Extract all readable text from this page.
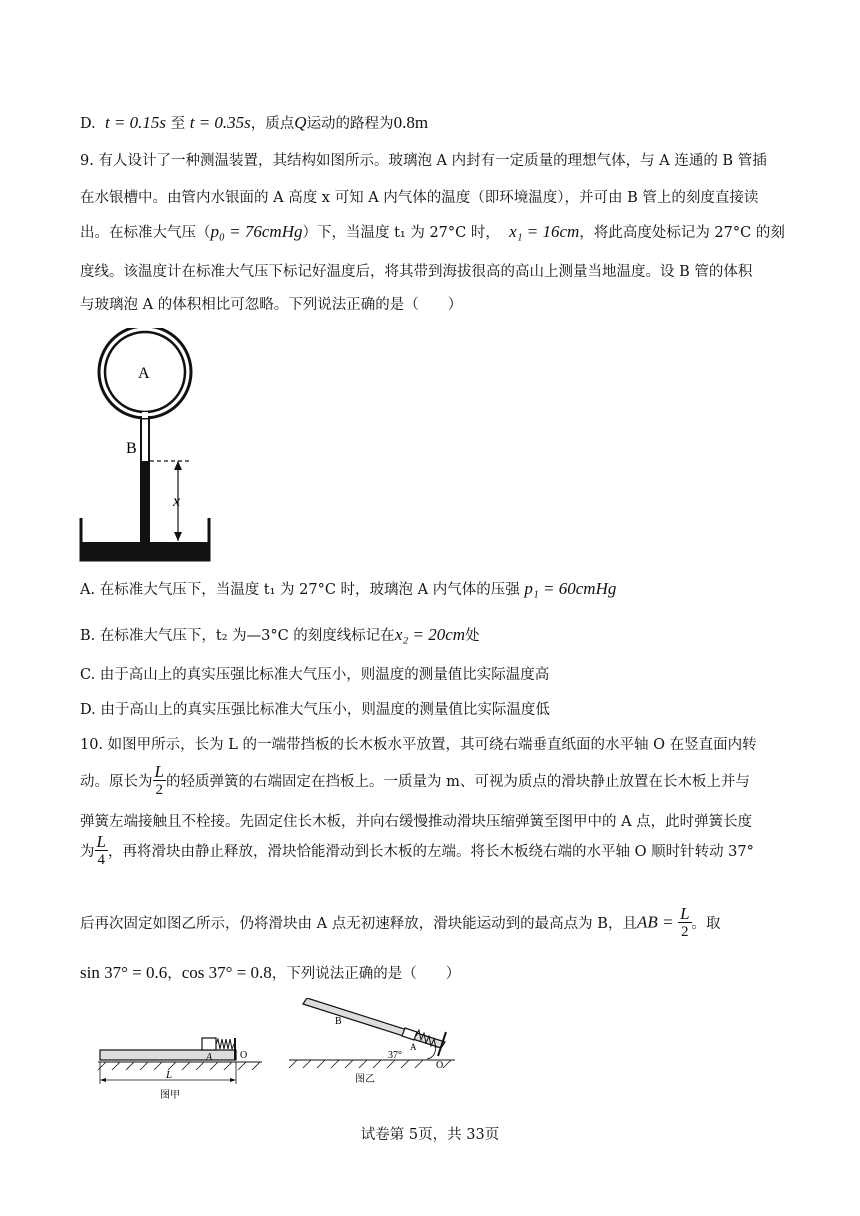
D. t = 0.15s 至 t = 0.35s，质点Q运动的路程为0.8m
9. 有人设计了一种测温装置，其结构如图所示。玻璃泡 A 内封有一定质量的理想气体，与 A 连通的 B 管插
在水银槽中。由管内水银面的 A 高度 x 可知 A 内气体的温度（即环境温度），并可由 B 管上的刻度直接读
出。在标准大气压（p₀ = 76cmHg）下，当温度 t₁ 为 27°C 时， x₁ = 16cm，将此高度处标记为 27°C 的刻
度线。该温度计在标准大气压下标记好温度后，将其带到海拔很高的高山上测量当地温度。设 B 管的体积
与玻璃泡 A 的体积相比可忽略。下列说法正确的是（　　）
A
B
x
A. 在标准大气压下，当温度 t₁ 为 27°C 时，玻璃泡 A 内气体的压强 p₁ = 60cmHg
B. 在标准大气压下，t₂ 为—3°C 的刻度线标记在x₂ = 20cm处
C. 由于高山上的真实压强比标准大气压小，则温度的测量值比实际温度高
D. 由于高山上的真实压强比标准大气压小，则温度的测量值比实际温度低
10. 如图甲所示，长为 L 的一端带挡板的长木板水平放置，其可绕右端垂直纸面的水平轴 O 在竖直面内转
动。原长为 $\frac{L}{2}$ 的轻质弹簧的右端固定在挡板上。一质量为 m、可视为质点的滑块静止放置在长木板上并与
弹簧左端接触且不栓接。先固定住长木板，并向右缓慢推动滑块压缩弹簧至图甲中的 A 点，此时弹簧长度
为 $\frac{L}{4}$ ，再将滑块由静止释放，滑块恰能滑动到长木板的左端。将长木板绕右端的水平轴 O 顺时针转动 37°
后再次固定如图乙所示，仍将滑块由 A 点无初速释放，滑块能运动到的最高点为 B，且AB = $\frac{L}{2}$ 。取
sin 37° = 0.6，cos 37° = 0.8，下列说法正确的是（　　）
A	O
L
图甲
B
A
37°
O
图乙
试卷第 5页，共 33页
